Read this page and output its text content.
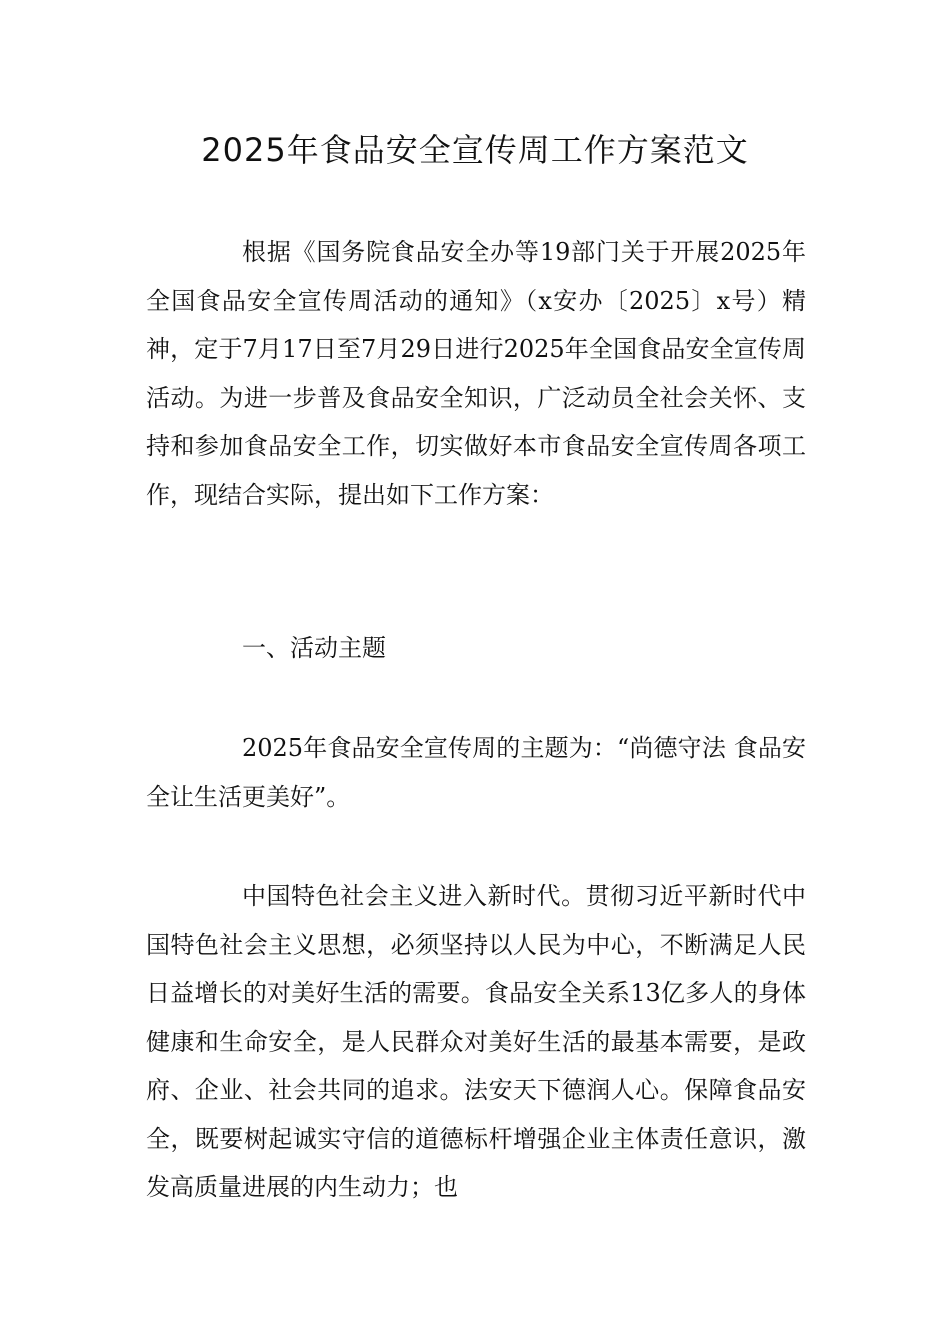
2025年食品安全宣传周工作方案范文

根据《国务院食品安全办等19部门关于开展2025年全国食品安全宣传周活动的通知》（x安办〔2025〕x号）精神，定于7月17日至7月29日进行2025年全国食品安全宣传周活动。为进一步普及食品安全知识，广泛动员全社会关怀、支持和参加食品安全工作，切实做好本市食品安全宣传周各项工作，现结合实际，提出如下工作方案：

一、活动主题

2025年食品安全宣传周的主题为：“尚德守法 食品安全让生活更美好”。

中国特色社会主义进入新时代。贯彻习近平新时代中国特色社会主义思想，必须坚持以人民为中心，不断满足人民日益增长的对美好生活的需要。食品安全关系13亿多人的身体健康和生命安全，是人民群众对美好生活的最基本需要，是政府、企业、社会共同的追求。法安天下德润人心。保障食品安全，既要树起诚实守信的道德标杆增强企业主体责任意识，激发高质量进展的内生动力；也
